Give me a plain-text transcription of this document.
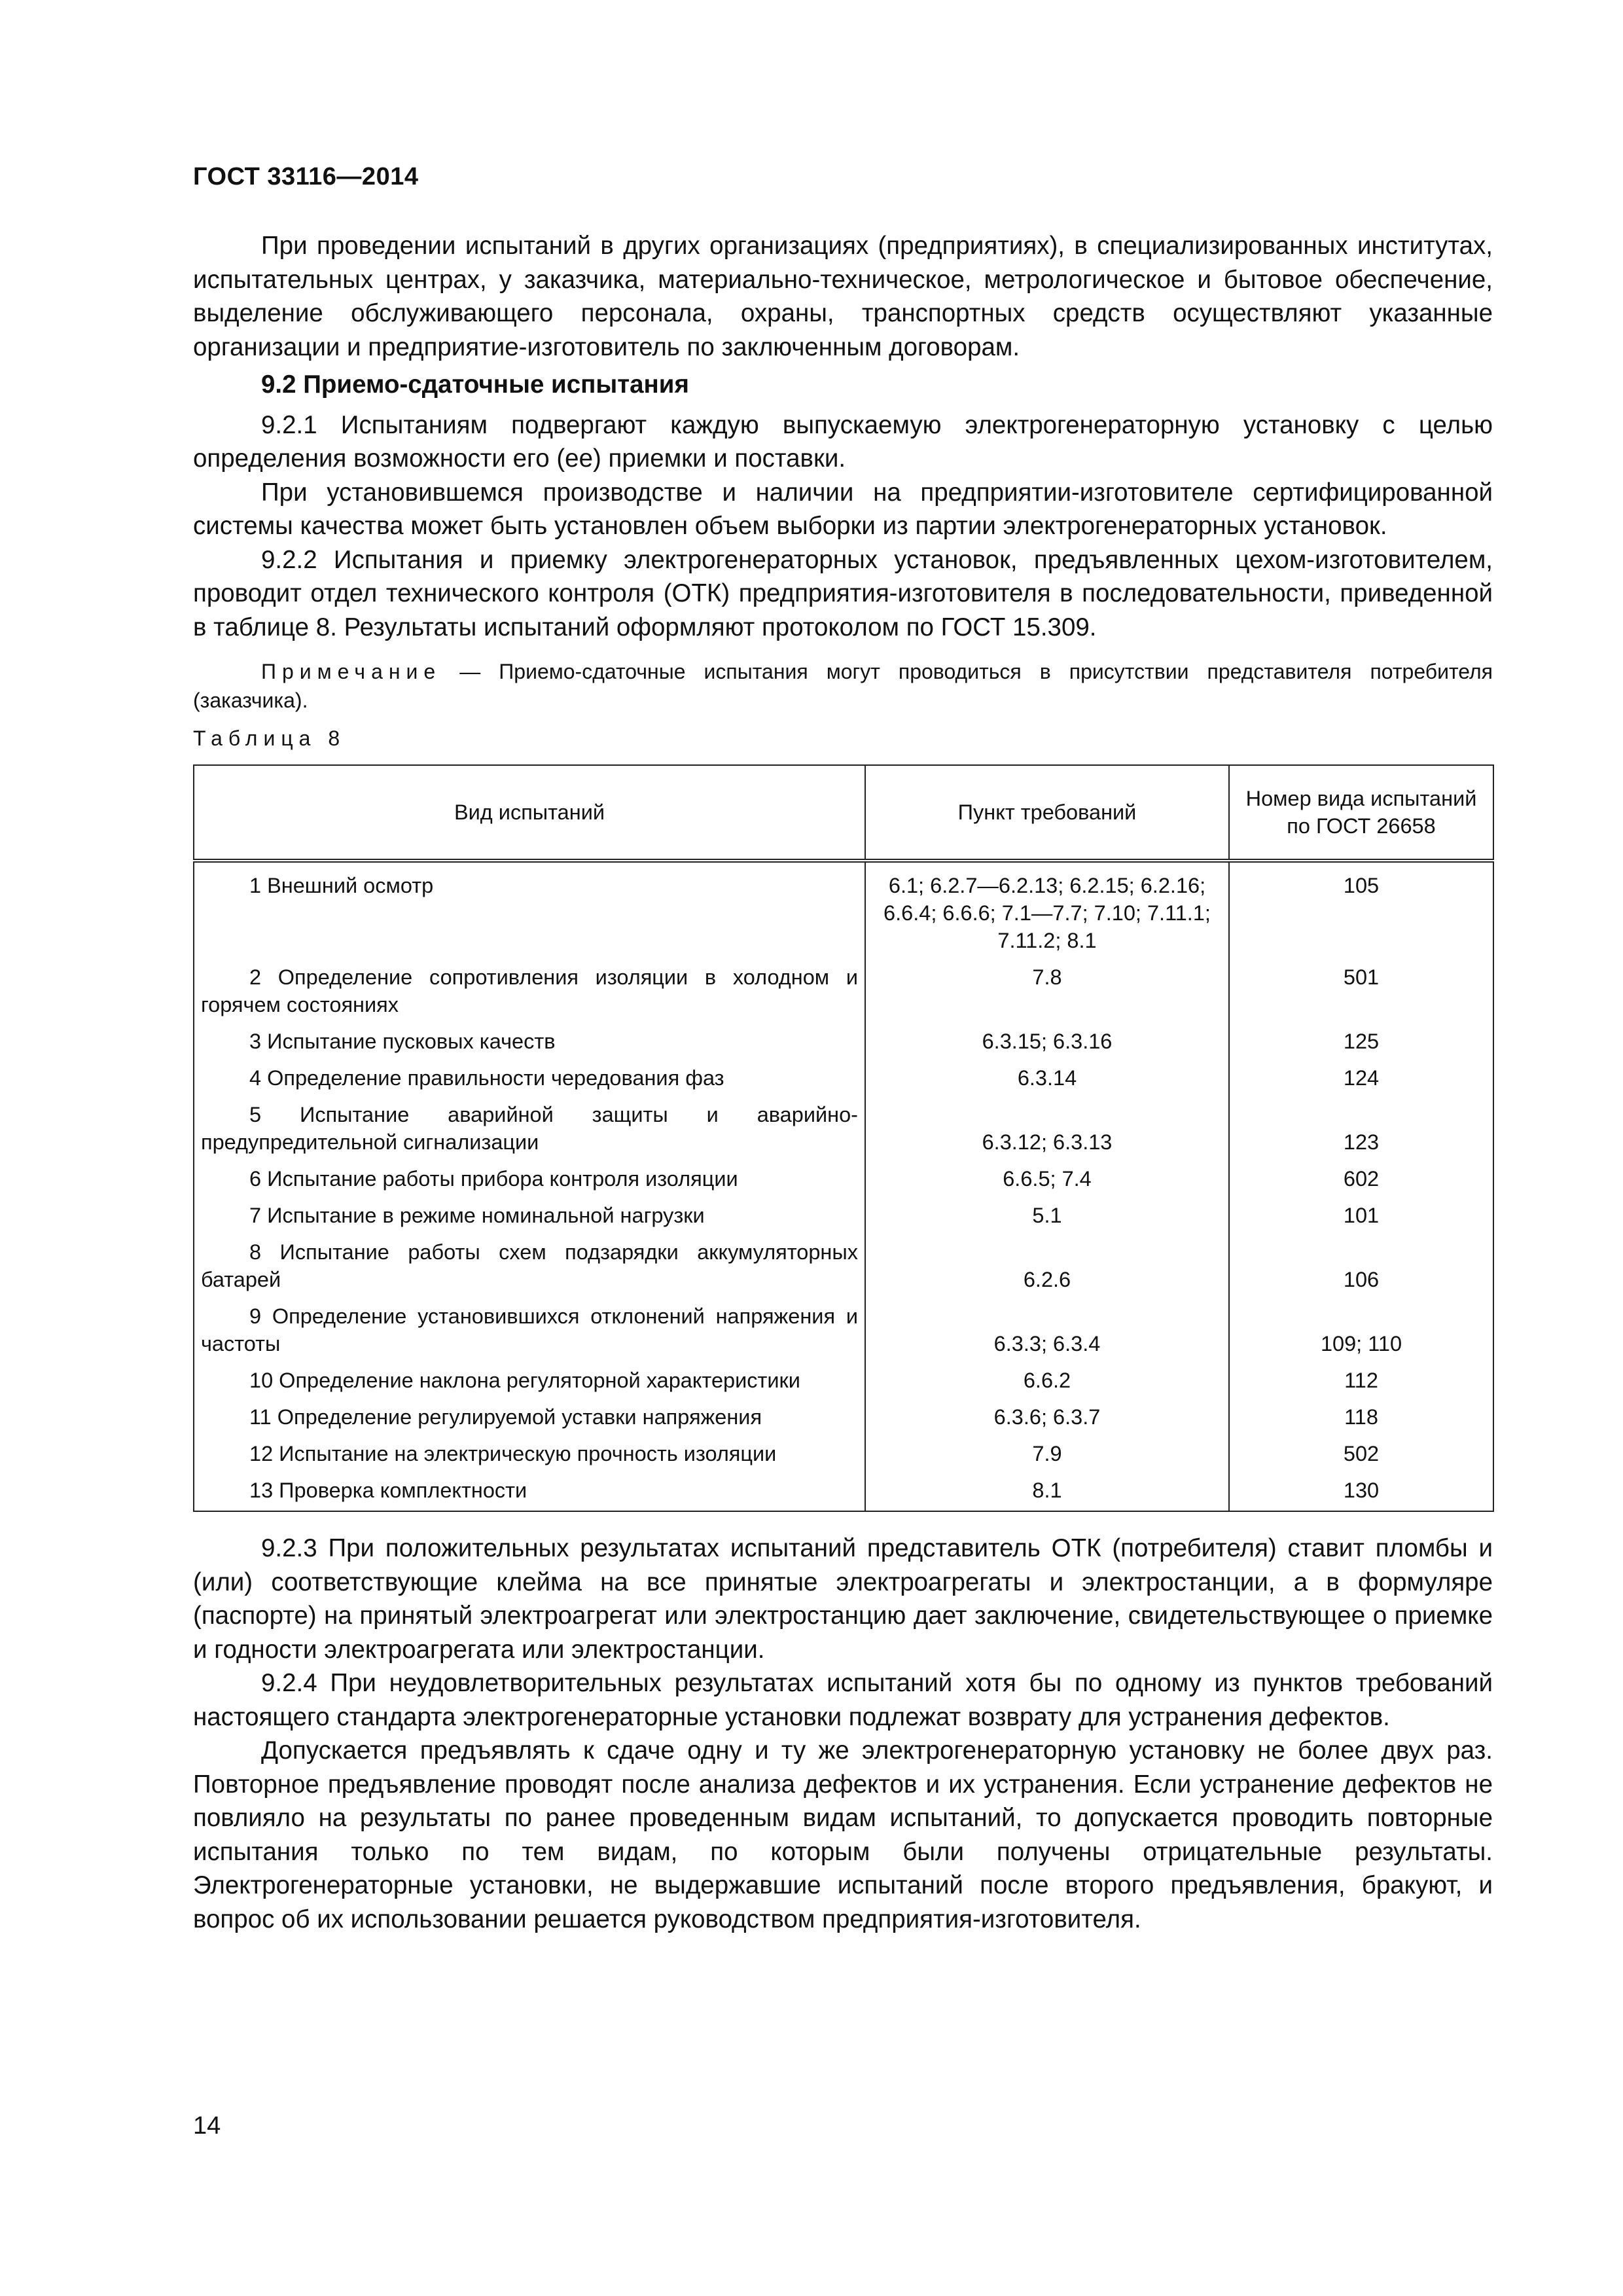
ГОСТ 33116—2014

При проведении испытаний в других организациях (предприятиях), в специализированных институтах, испытательных центрах, у заказчика, материально-техническое, метрологическое и бытовое обеспечение, выделение обслуживающего персонала, охраны, транспортных средств осуществляют указанные организации и предприятие-изготовитель по заключенным договорам.

9.2 Приемо-сдаточные испытания

9.2.1 Испытаниям подвергают каждую выпускаемую электрогенераторную установку с целью определения возможности его (ее) приемки и поставки.

При установившемся производстве и наличии на предприятии-изготовителе сертифицированной системы качества может быть установлен объем выборки из партии электрогенераторных установок.

9.2.2 Испытания и приемку электрогенераторных установок, предъявленных цехом-изготовителем, проводит отдел технического контроля (ОТК) предприятия-изготовителя в последовательности, приведенной в таблице 8. Результаты испытаний оформляют протоколом по ГОСТ 15.309.

Примечание — Приемо-сдаточные испытания могут проводиться в присутствии представителя потребителя (заказчика).

Таблица 8

Вид испытаний	Пункт требований	Номер вида испытаний по ГОСТ 26658
1 Внешний осмотр	6.1; 6.2.7—6.2.13; 6.2.15; 6.2.16; 6.6.4; 6.6.6; 7.1—7.7; 7.10; 7.11.1; 7.11.2; 8.1	105
2 Определение сопротивления изоляции в холодном и горячем состояниях	7.8	501
3 Испытание пусковых качеств	6.3.15; 6.3.16	125
4 Определение правильности чередования фаз	6.3.14	124
5 Испытание аварийной защиты и аварийно-предупредительной сигнализации	6.3.12; 6.3.13	123
6 Испытание работы прибора контроля изоляции	6.6.5; 7.4	602
7 Испытание в режиме номинальной нагрузки	5.1	101
8 Испытание работы схем подзарядки аккумуляторных батарей	6.2.6	106
9 Определение установившихся отклонений напряжения и частоты	6.3.3; 6.3.4	109; 110
10 Определение наклона регуляторной характеристики	6.6.2	112
11 Определение регулируемой уставки напряжения	6.3.6; 6.3.7	118
12 Испытание на электрическую прочность изоляции	7.9	502
13 Проверка комплектности	8.1	130

9.2.3 При положительных результатах испытаний представитель ОТК (потребителя) ставит пломбы и (или) соответствующие клейма на все принятые электроагрегаты и электростанции, а в формуляре (паспорте) на принятый электроагрегат или электростанцию дает заключение, свидетельствующее о приемке и годности электроагрегата или электростанции.

9.2.4 При неудовлетворительных результатах испытаний хотя бы по одному из пунктов требований настоящего стандарта электрогенераторные установки подлежат возврату для устранения дефектов.

Допускается предъявлять к сдаче одну и ту же электрогенераторную установку не более двух раз. Повторное предъявление проводят после анализа дефектов и их устранения. Если устранение дефектов не повлияло на результаты по ранее проведенным видам испытаний, то допускается проводить повторные испытания только по тем видам, по которым были получены отрицательные результаты. Электрогенераторные установки, не выдержавшие испытаний после второго предъявления, бракуют, и вопрос об их использовании решается руководством предприятия-изготовителя.

14
